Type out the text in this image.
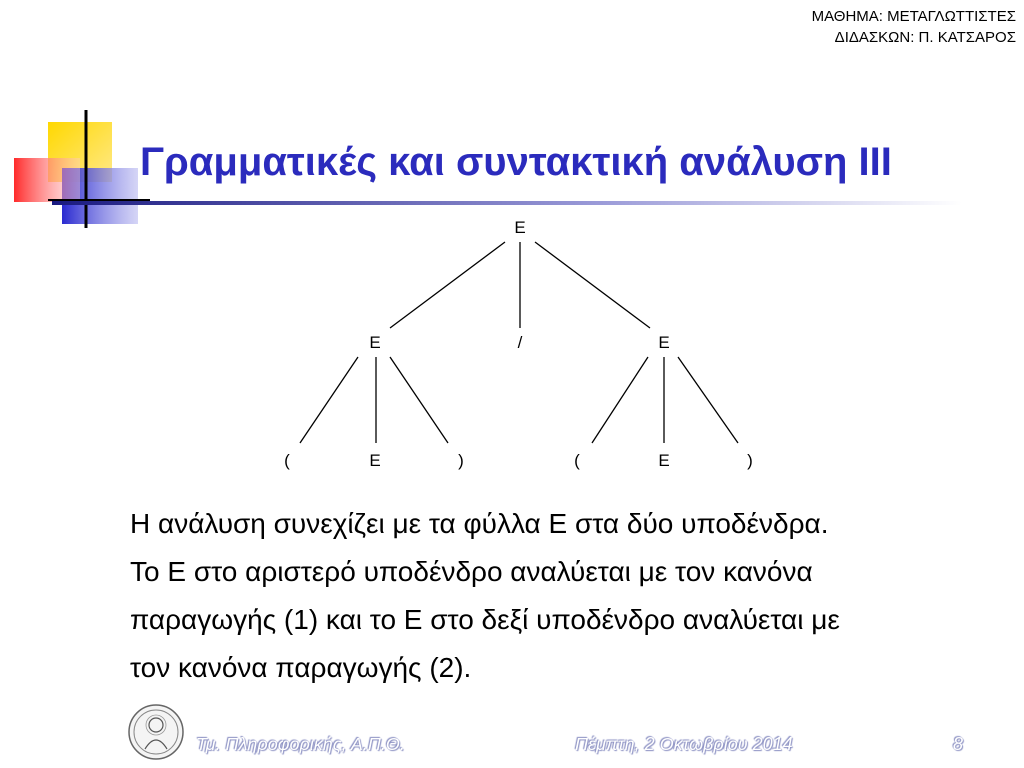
ΜΑΘΗΜΑ: ΜΕΤΑΓΛΩΤΤΙΣΤΕΣ
ΔΙΔΑΣΚΩΝ: Π. ΚΑΤΣΑΡΟΣ
Γραμματικές και συντακτική ανάλυση ΙΙΙ
E
E	/	E
(	E	)	(	E	)

Η ανάλυση συνεχίζει με τα φύλλα Ε στα δύο υποδένδρα.

Το Ε στο αριστερό υποδένδρο αναλύεται με τον κανόνα

παραγωγής (1) και το Ε στο δεξί υποδένδρο αναλύεται με

τον κανόνα παραγωγής (2).

Τμ. Πληροφορικής, Α.Π.Θ.	Πέμπτη, 2 Οκτωβρίου 2014	8
